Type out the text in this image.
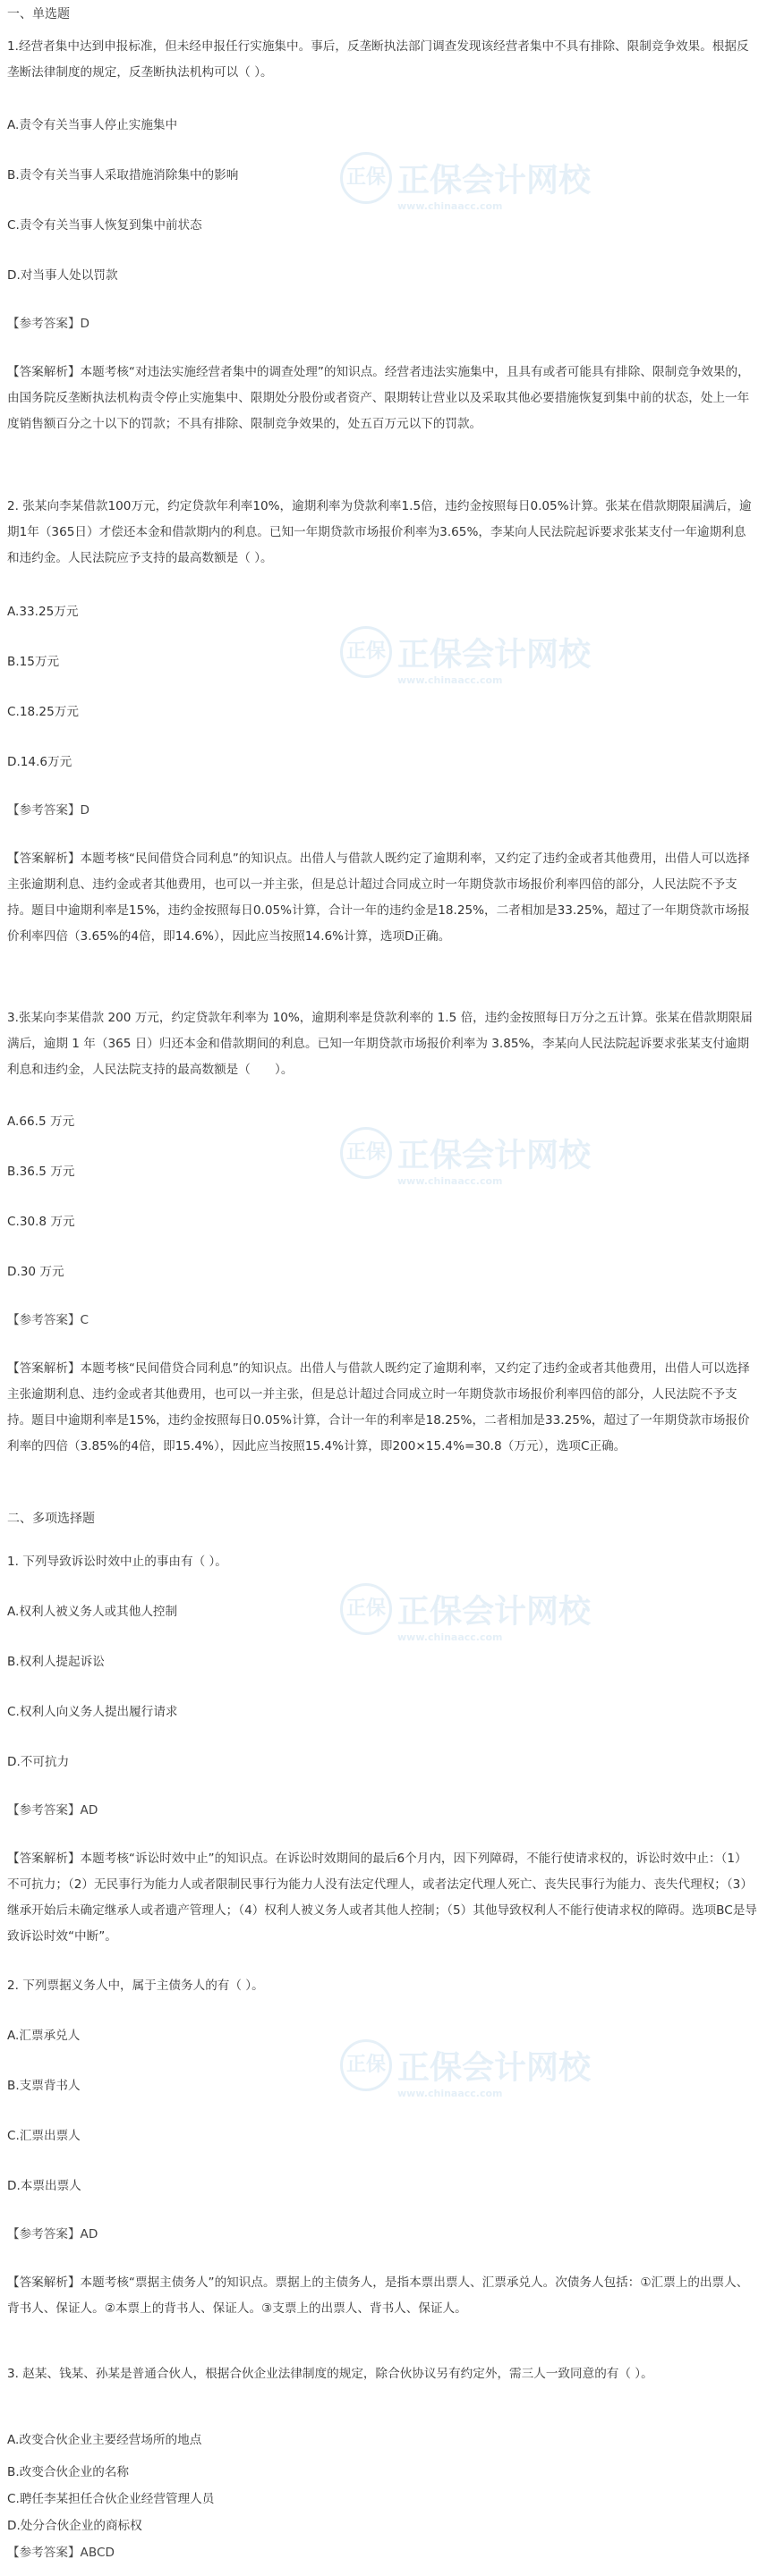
正保 正保会计网校
www.chinaacc.com
正保 正保会计网校
www.chinaacc.com
正保 正保会计网校
www.chinaacc.com
正保 正保会计网校
www.chinaacc.com
正保 正保会计网校
www.chinaacc.com
一、单选题
1.经营者集中达到申报标准，但未经申报任行实施集中。事后，反垄断执法部门调查发现该经营者集中不具有排除、限制竞争效果。根据反垄断法律制度的规定，反垄断执法机构可以（ ）。
A.责令有关当事人停止实施集中
B.责令有关当事人采取措施消除集中的影响
C.责令有关当事人恢复到集中前状态
D.对当事人处以罚款
【参考答案】D
【答案解析】本题考核“对违法实施经营者集中的调查处理”的知识点。经营者违法实施集中，且具有或者可能具有排除、限制竞争效果的，由国务院反垄断执法机构责令停止实施集中、限期处分股份或者资产、限期转让营业以及采取其他必要措施恢复到集中前的状态，处上一年度销售额百分之十以下的罚款；不具有排除、限制竞争效果的，处五百万元以下的罚款。
2. 张某向李某借款100万元，约定贷款年利率10%，逾期利率为贷款利率1.5倍，违约金按照每日0.05%计算。张某在借款期限届满后，逾期1年（365日）才偿还本金和借款期内的利息。已知一年期贷款市场报价利率为3.65%，李某向人民法院起诉要求张某支付一年逾期利息和违约金。人民法院应予支持的最高数额是（ ）。
A.33.25万元
B.15万元
C.18.25万元
D.14.6万元
【参考答案】D
【答案解析】本题考核“民间借贷合同利息”的知识点。出借人与借款人既约定了逾期利率，又约定了违约金或者其他费用，出借人可以选择主张逾期利息、违约金或者其他费用，也可以一并主张，但是总计超过合同成立时一年期贷款市场报价利率四倍的部分，人民法院不予支持。题目中逾期利率是15%，违约金按照每日0.05%计算，合计一年的违约金是18.25%，二者相加是33.25%，超过了一年期贷款市场报价利率四倍（3.65%的4倍，即14.6%），因此应当按照14.6%计算，选项D正确。
3.张某向李某借款 200 万元，约定贷款年利率为 10%，逾期利率是贷款利率的 1.5 倍，违约金按照每日万分之五计算。张某在借款期限届满后，逾期 1 年（365 日）归还本金和借款期间的利息。已知一年期贷款市场报价利率为 3.85%，李某向人民法院起诉要求张某支付逾期利息和违约金，人民法院支持的最高数额是（　　）。
A.66.5 万元
B.36.5 万元
C.30.8 万元
D.30 万元
【参考答案】C
【答案解析】本题考核“民间借贷合同利息”的知识点。出借人与借款人既约定了逾期利率，又约定了违约金或者其他费用，出借人可以选择主张逾期利息、违约金或者其他费用，也可以一并主张，但是总计超过合同成立时一年期贷款市场报价利率四倍的部分，人民法院不予支持。题目中逾期利率是15%，违约金按照每日0.05%计算，合计一年的利率是18.25%，二者相加是33.25%，超过了一年期贷款市场报价利率的四倍（3.85%的4倍，即15.4%），因此应当按照15.4%计算，即200×15.4%=30.8（万元），选项C正确。
二、多项选择题
1. 下列导致诉讼时效中止的事由有（ ）。
A.权利人被义务人或其他人控制
B.权利人提起诉讼
C.权利人向义务人提出履行请求
D.不可抗力
【参考答案】AD
【答案解析】本题考核“诉讼时效中止”的知识点。在诉讼时效期间的最后6个月内，因下列障碍，不能行使请求权的，诉讼时效中止：（1）不可抗力；（2）无民事行为能力人或者限制民事行为能力人没有法定代理人，或者法定代理人死亡、丧失民事行为能力、丧失代理权；（3）继承开始后未确定继承人或者遗产管理人；（4）权利人被义务人或者其他人控制；（5）其他导致权利人不能行使请求权的障碍。选项BC是导致诉讼时效“中断”。
2. 下列票据义务人中，属于主债务人的有（ ）。
A.汇票承兑人
B.支票背书人
C.汇票出票人
D.本票出票人
【参考答案】AD
【答案解析】本题考核“票据主债务人”的知识点。票据上的主债务人，是指本票出票人、汇票承兑人。次债务人包括：①汇票上的出票人、背书人、保证人。②本票上的背书人、保证人。③支票上的出票人、背书人、保证人。
3. 赵某、钱某、孙某是普通合伙人，根据合伙企业法律制度的规定，除合伙协议另有约定外，需三人一致同意的有（ ）。
A.改变合伙企业主要经营场所的地点
B.改变合伙企业的名称
C.聘任李某担任合伙企业经营管理人员
D.处分合伙企业的商标权
【参考答案】ABCD
